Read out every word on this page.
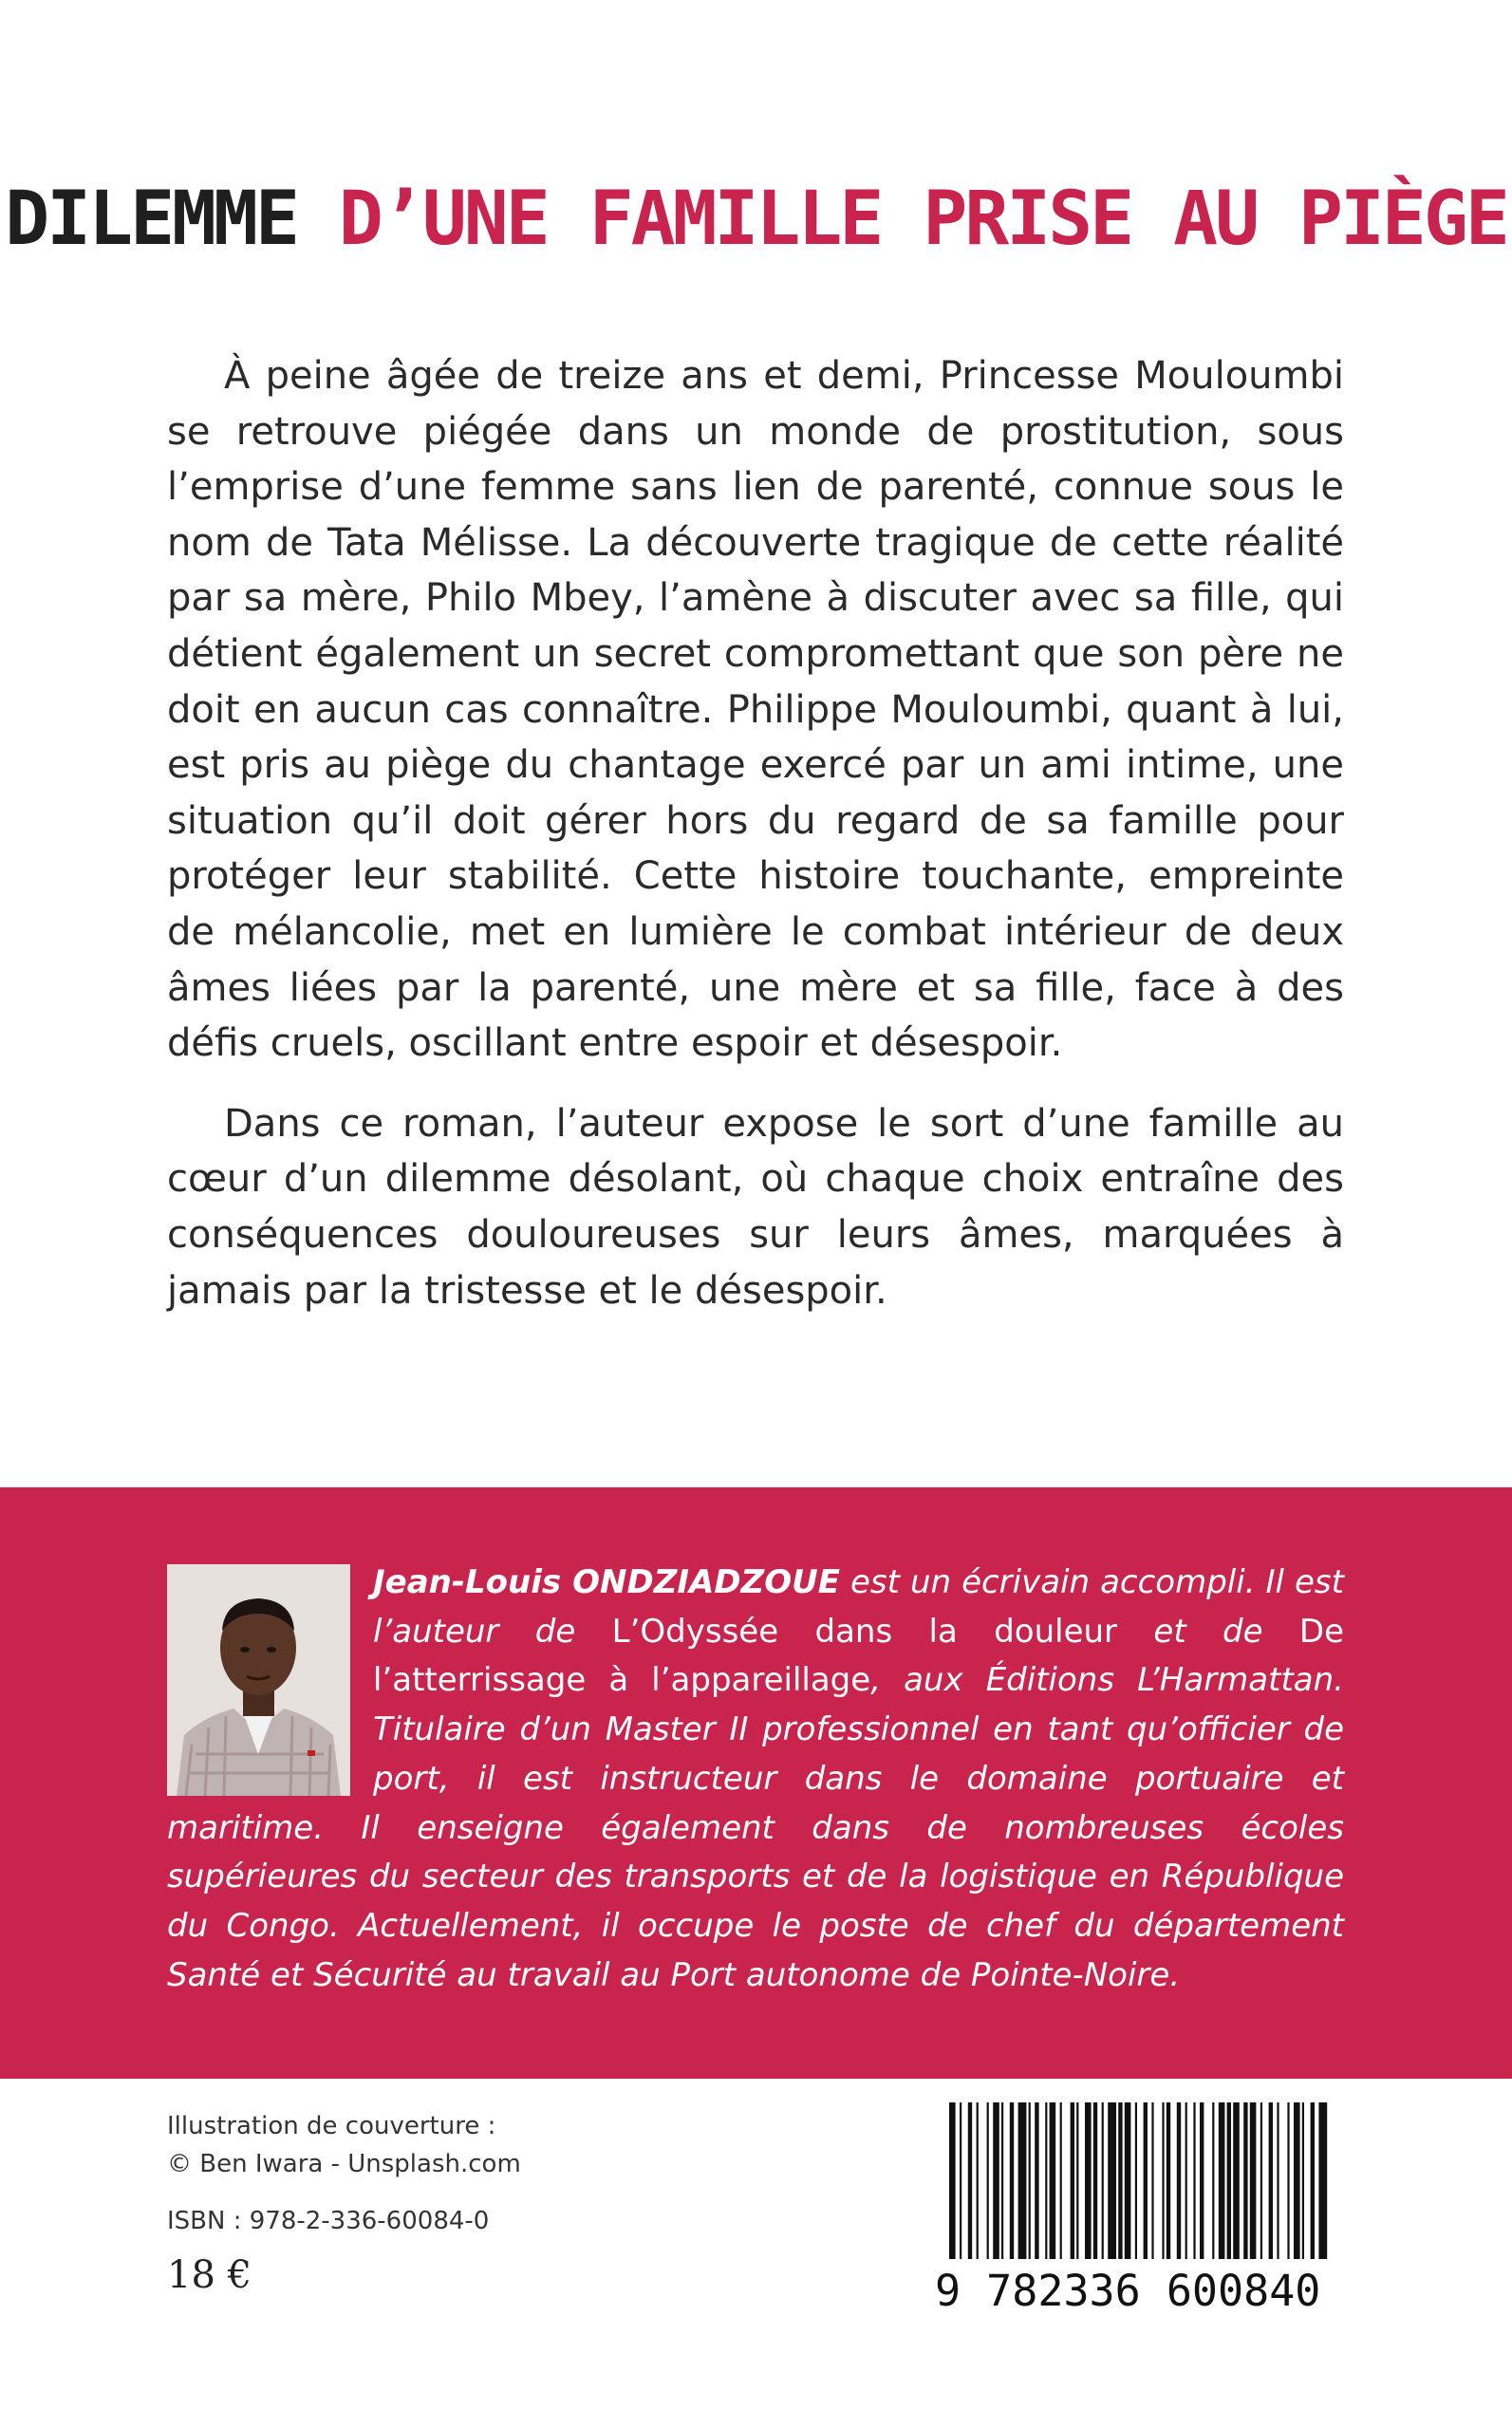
DILEMME D’UNE FAMILLE PRISE AU PIÈGE

À peine âgée de treize ans et demi, Princesse Mouloumbi se retrouve piégée dans un monde de prostitution, sous l’emprise d’une femme sans lien de parenté, connue sous le nom de Tata Mélisse. La découverte tragique de cette réalité par sa mère, Philo Mbey, l’amène à discuter avec sa fille, qui détient également un secret compromettant que son père ne doit en aucun cas connaître. Philippe Mouloumbi, quant à lui, est pris au piège du chantage exercé par un ami intime, une situation qu’il doit gérer hors du regard de sa famille pour protéger leur stabilité. Cette histoire touchante, empreinte de mélancolie, met en lumière le combat intérieur de deux âmes liées par la parenté, une mère et sa fille, face à des défis cruels, oscillant entre espoir et désespoir.

Dans ce roman, l’auteur expose le sort d’une famille au cœur d’un dilemme désolant, où chaque choix entraîne des conséquences douloureuses sur leurs âmes, marquées à jamais par la tristesse et le désespoir.

Jean-Louis ONDZIADZOUE est un écrivain accompli. Il est l’auteur de L’Odyssée dans la douleur et de De l’atterrissage à l’appareillage, aux Éditions L’Harmattan. Titulaire d’un Master II professionnel en tant qu’officier de port, il est instructeur dans le domaine portuaire et maritime. Il enseigne également dans de nombreuses écoles supérieures du secteur des transports et de la logistique en République du Congo. Actuellement, il occupe le poste de chef du département Santé et Sécurité au travail au Port autonome de Pointe-Noire.
Illustration de couverture :
© Ben Iwara - Unsplash.com
ISBN : 978-2-336-60084-0
18 €	9 782336 600840
